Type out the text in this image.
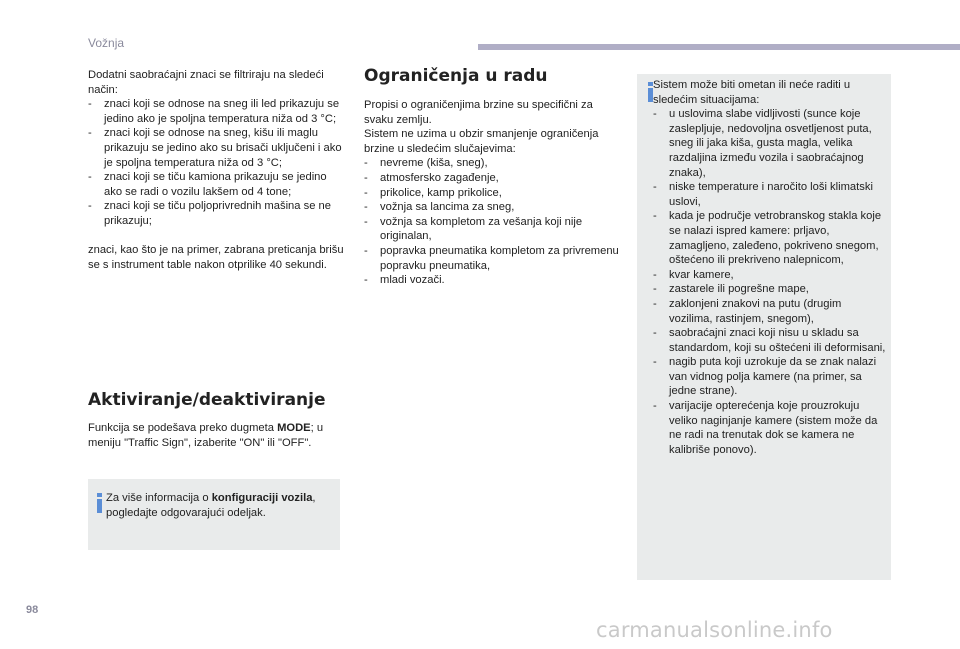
Vožnja

Dodatni saobraćajni znaci se filtriraju na sledeći način:

- znaci koji se odnose na sneg ili led prikazuju se jedino ako je spoljna temperatura niža od 3 °C;
- znaci koji se odnose na sneg, kišu ili maglu prikazuju se jedino ako su brisači uključeni i ako je spoljna temperatura niža od 3 °C;
- znaci koji se tiču kamiona prikazuju se jedino ako se radi o vozilu lakšem od 4 tone;
- znaci koji se tiču poljoprivrednih mašina se ne prikazuju;

znaci, kao što je na primer, zabrana preticanja brišu se s instrument table nakon otprilike 40 sekundi.

Aktiviranje/deaktiviranje
Funkcija se podešava preko dugmeta MODE; u meniju "Traffic Sign", izaberite "ON" ili "OFF".
Za više informacija o konfiguraciji vozila, pogledajte odgovarajući odeljak.
Ograničenja u radu

Propisi o ograničenjima brzine su specifični za svaku zemlju.

Sistem ne uzima u obzir smanjenje ograničenja brzine u sledećim slučajevima:

- nevreme (kiša, sneg),
- atmosfersko zagađenje,
- prikolice, kamp prikolice,
- vožnja sa lancima za sneg,
- vožnja sa kompletom za vešanja koji nije originalan,
- popravka pneumatika kompletom za privremenu popravku pneumatika,
- mladi vozači.

Sistem može biti ometan ili neće raditi u sledećim situacijama:

- u uslovima slabe vidljivosti (sunce koje zaslepljuje, nedovoljna osvetljenost puta, sneg ili jaka kiša, gusta magla, velika razdaljina između vozila i saobraćajnog znaka),
- niske temperature i naročito loši klimatski uslovi,
- kada je područje vetrobranskog stakla koje se nalazi ispred kamere: prljavo, zamagljeno, zaleđeno, pokriveno snegom, oštećeno ili prekriveno nalepnicom,
- kvar kamere,
- zastarele ili pogrešne mape,
- zaklonjeni znakovi na putu (drugim vozilima, rastinjem, snegom),
- saobraćajni znaci koji nisu u skladu sa standardom, koji su oštećeni ili deformisani,
- nagib puta koji uzrokuje da se znak nalazi van vidnog polja kamere (na primer, sa jedne strane).
- varijacije opterećenja koje prouzrokuju veliko naginjanje kamere (sistem može da ne radi na trenutak dok se kamera ne kalibriše ponovo).
98
carmanualsonline.info
